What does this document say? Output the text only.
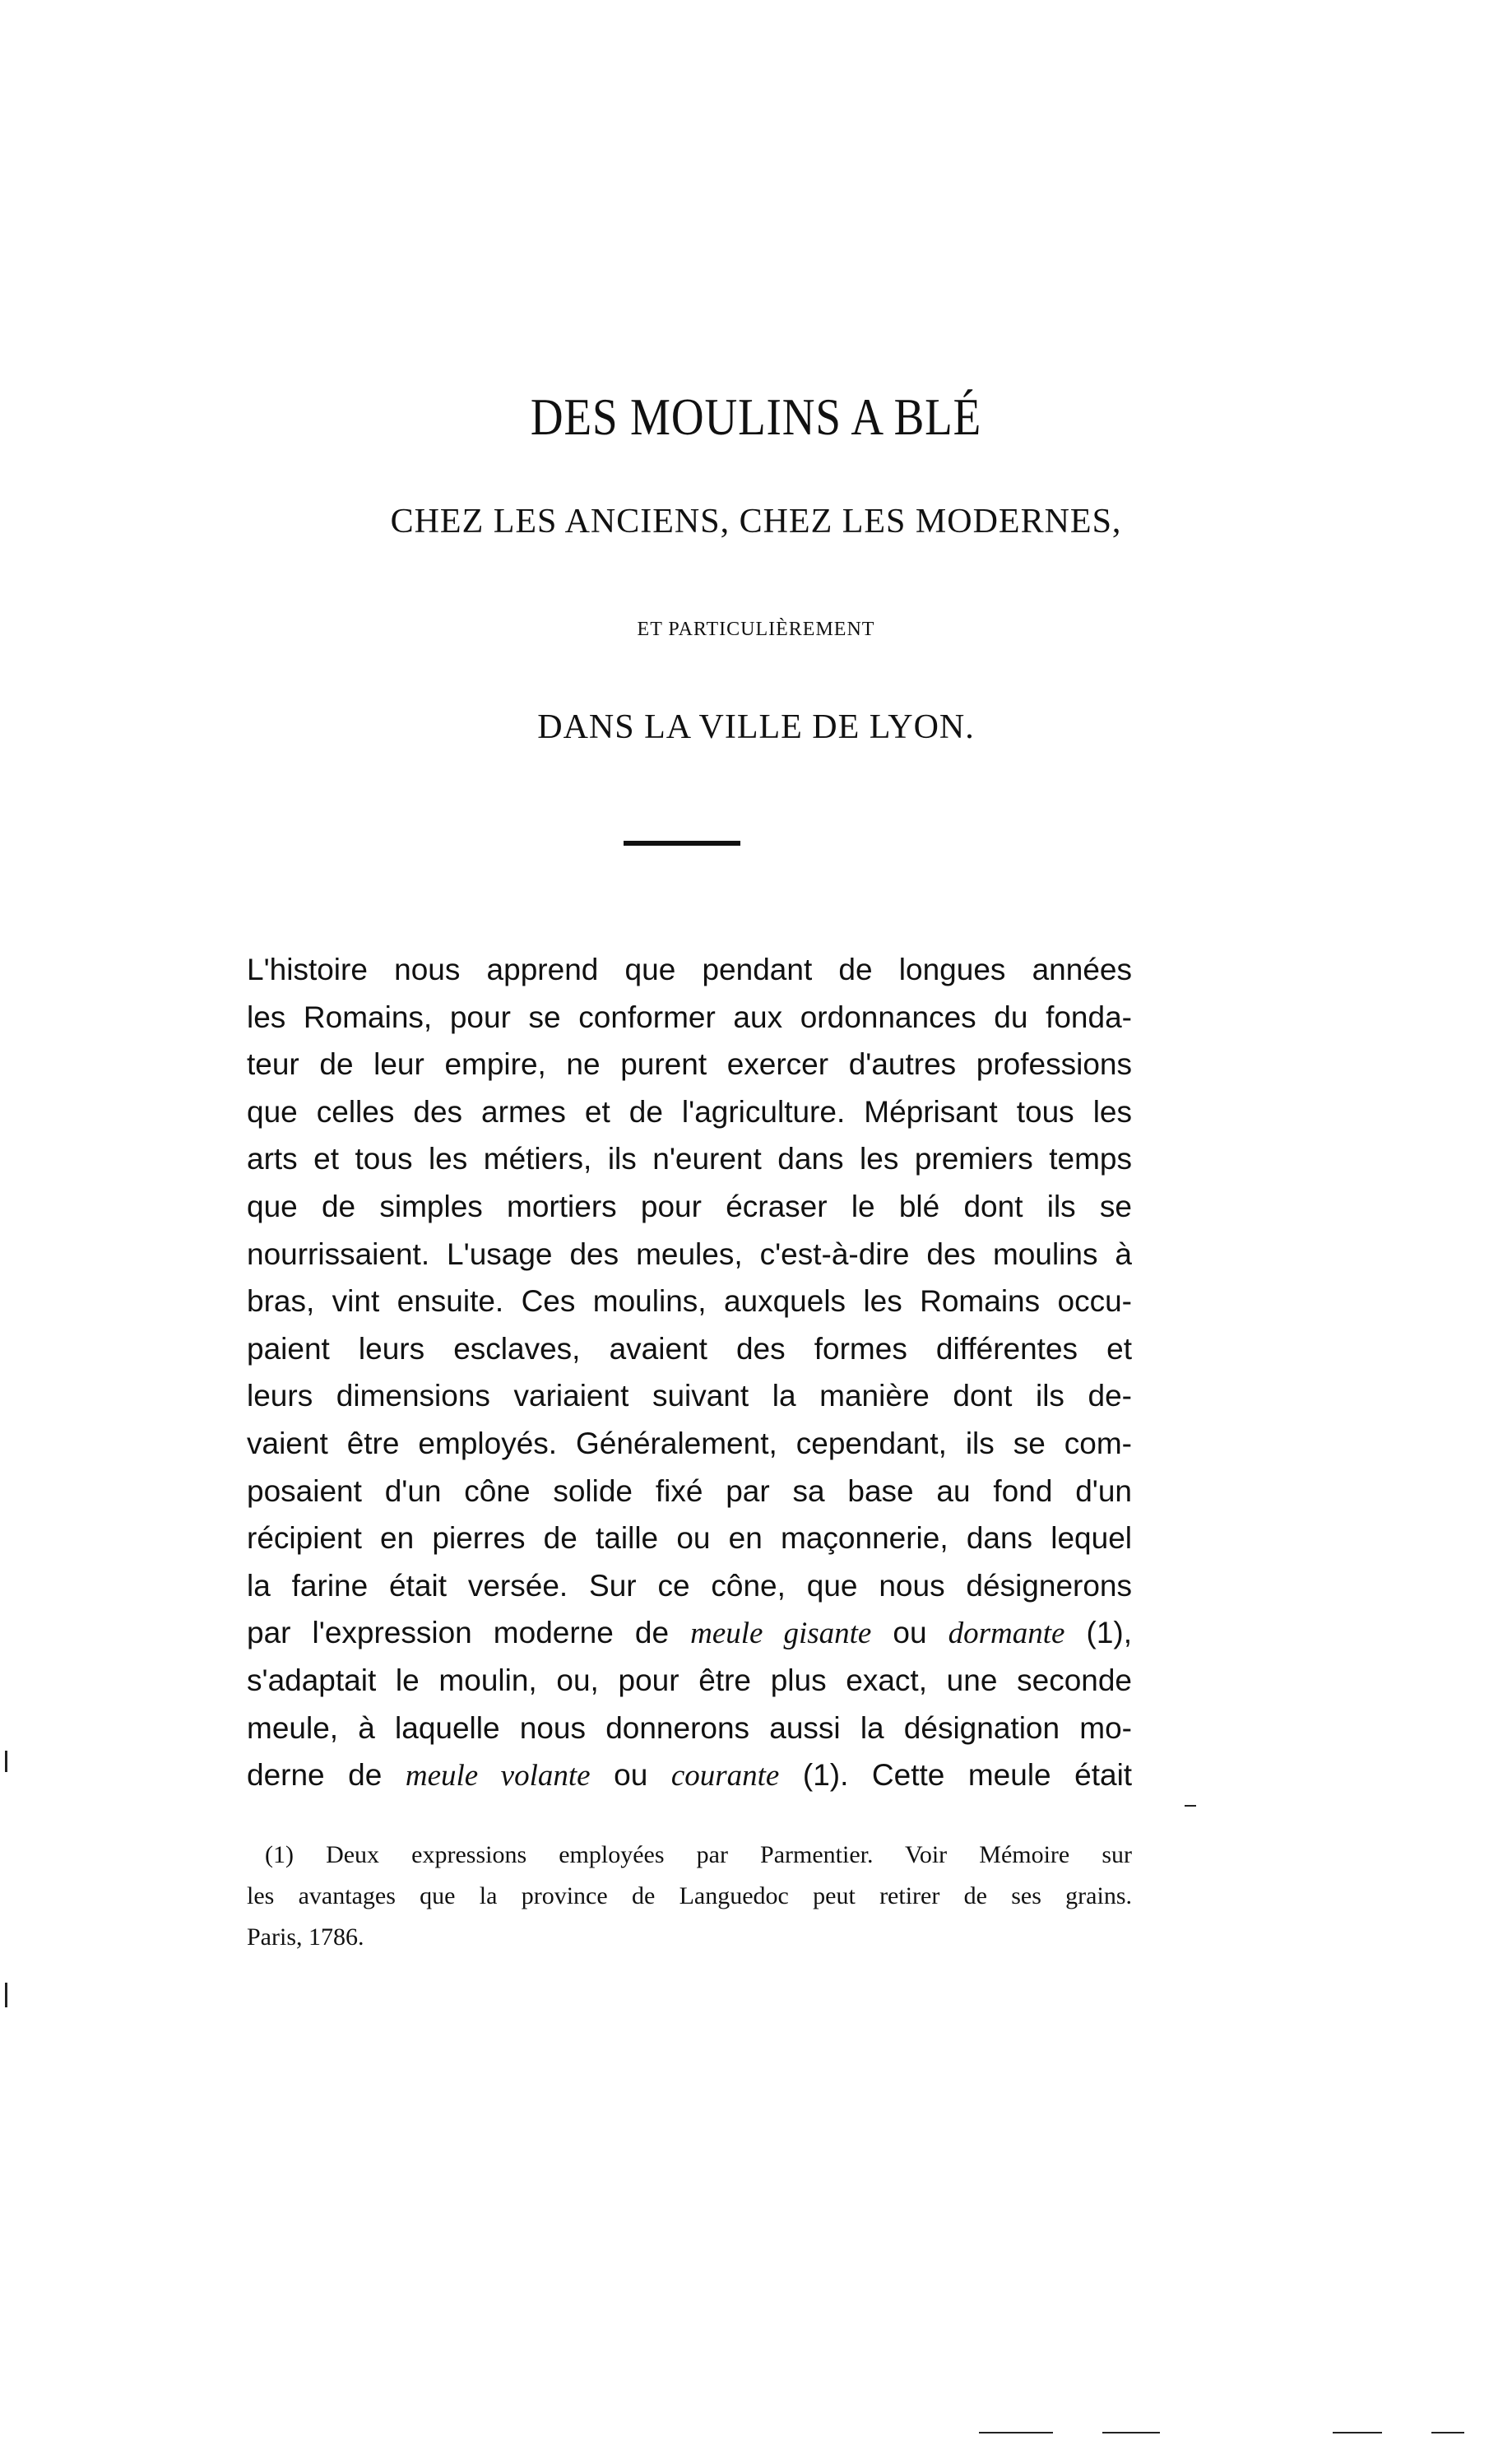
DES MOULINS A BLÉ
CHEZ LES ANCIENS, CHEZ LES MODERNES,
ET PARTICULIÈREMENT
DANS LA VILLE DE LYON.
L'histoire nous apprend que pendant de longues années
les Romains, pour se conformer aux ordonnances du fonda-
teur de leur empire, ne purent exercer d'autres professions
que celles des armes et de l'agriculture. Méprisant tous les
arts et tous les métiers, ils n'eurent dans les premiers temps
que de simples mortiers pour écraser le blé dont ils se
nourrissaient. L'usage des meules, c'est-à-dire des moulins à
bras, vint ensuite. Ces moulins, auxquels les Romains occu-
paient leurs esclaves, avaient des formes différentes et
leurs dimensions variaient suivant la manière dont ils de-
vaient être employés. Généralement, cependant, ils se com-
posaient d'un cône solide fixé par sa base au fond d'un
récipient en pierres de taille ou en maçonnerie, dans lequel
la farine était versée. Sur ce cône, que nous désignerons
par l'expression moderne de meule gisante ou dormante (1),
s'adaptait le moulin, ou, pour être plus exact, une seconde
meule, à laquelle nous donnerons aussi la désignation mo-
derne de meule volante ou courante (1). Cette meule était
(1) Deux expressions employées par Parmentier. Voir Mémoire sur
les avantages que la province de Languedoc peut retirer de ses grains.
Paris, 1786.
